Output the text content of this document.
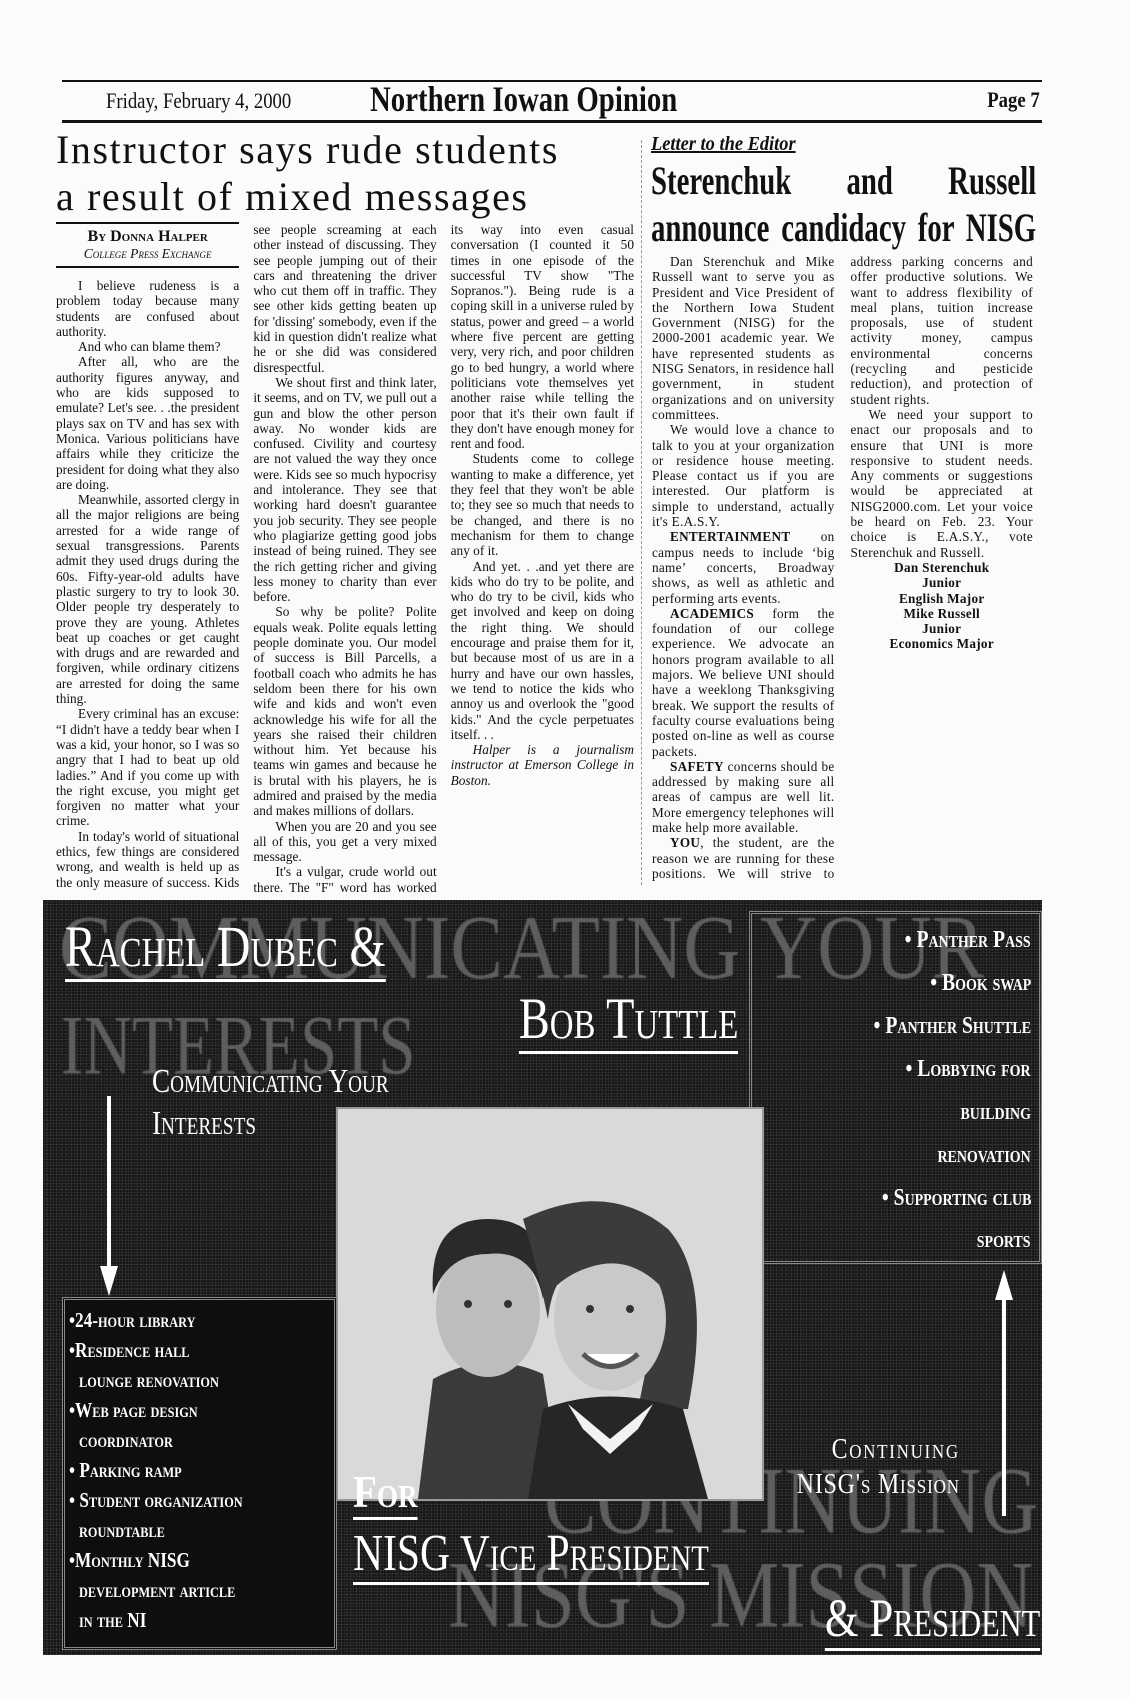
Friday, February 4, 2000 Northern Iowan Opinion	Page 7
Instructor says rude students
a result of mixed messages
By Donna Halper
College Press Exchange

I believe rudeness is a problem today because many students are confused about authority.

And who can blame them?

After all, who are the authority figures anyway, and who are kids supposed to emulate? Let's see. . .the president plays sax on TV and has sex with Monica. Various politicians have affairs while they criticize the president for doing what they also are doing.

Meanwhile, assorted clergy in all the major religions are being arrested for a wide range of sexual transgressions. Parents admit they used drugs during the 60s. Fifty-year-old adults have plastic surgery to try to look 30. Older people try desperately to prove they are young. Athletes beat up coaches or get caught with drugs and are rewarded and forgiven, while ordinary citizens are arrested for doing the same thing.

Every criminal has an excuse: “I didn't have a teddy bear when I was a kid, your honor, so I was so angry that I had to beat up old ladies.” And if you come up with the right excuse, you might get forgiven no matter what your crime.

In today's world of situational ethics, few things are considered wrong, and wealth is held up as the only measure of success. Kids see people screaming at each other instead of discussing. They see people jumping out of their cars and threatening the driver who cut them off in traffic. They see other kids getting beaten up for 'dissing' somebody, even if the kid in question didn't realize what he or she did was considered disrespectful.

We shout first and think later, it seems, and on TV, we pull out a gun and blow the other person away. No wonder kids are confused. Civility and courtesy are not valued the way they once were. Kids see so much hypocrisy and intolerance. They see that working hard doesn't guarantee you job security. They see people who plagiarize getting good jobs instead of being ruined. They see the rich getting richer and giving less money to charity than ever before.

So why be polite? Polite equals weak. Polite equals letting people dominate you. Our model of success is Bill Parcells, a football coach who admits he has seldom been there for his own wife and kids and won't even acknowledge his wife for all the years she raised their children without him. Yet because his teams win games and because he is brutal with his players, he is admired and praised by the media and makes millions of dollars.

When you are 20 and you see all of this, you get a very mixed message.

It's a vulgar, crude world out there. The "F" word has worked its way into even casual conversation (I counted it 50 times in one episode of the successful TV show "The Sopranos."). Being rude is a coping skill in a universe ruled by status, power and greed – a world where five percent are getting very, very rich, and poor children go to bed hungry, a world where politicians vote themselves yet another raise while telling the poor that it's their own fault if they don't have enough money for rent and food.

Students come to college wanting to make a difference, yet they feel that they won't be able to; they see so much that needs to be changed, and there is no mechanism for them to change any of it.

And yet. . .and yet there are kids who do try to be polite, and who do try to be civil, kids who get involved and keep on doing the right thing. We should encourage and praise them for it, but because most of us are in a hurry and have our own hassles, we tend to notice the kids who annoy us and overlook the "good kids." And the cycle perpetuates itself. . .

Halper is a journalism instructor at Emerson College in Boston.

Letter to the Editor
Sterenchuk and Russell
announce candidacy for NISG

Dan Sterenchuk and Mike Russell want to serve you as President and Vice President of the Northern Iowa Student Government (NISG) for the 2000-2001 academic year. We have represented students as NISG Senators, in residence hall government, in student organizations and on university committees.

We would love a chance to talk to you at your organization or residence house meeting. Please contact us if you are interested. Our platform is simple to understand, actually it's E.A.S.Y.

ENTERTAINMENT on campus needs to include ‘big name’ concerts, Broadway shows, as well as athletic and performing arts events.

ACADEMICS form the foundation of our college experience. We advocate an honors program available to all majors. We believe UNI should have a weeklong Thanksgiving break. We support the results of faculty course evaluations being posted on-line as well as course packets.

SAFETY concerns should be addressed by making sure all areas of campus are well lit. More emergency telephones will make help more available.

YOU, the student, are the reason we are running for these positions. We will strive to address parking concerns and offer productive solutions. We want to address flexibility of meal plans, tuition increase proposals, use of student activity money, campus environmental concerns (recycling and pesticide reduction), and protection of student rights.

We need your support to enact our proposals and to ensure that UNI is more responsive to student needs. Any comments or suggestions would be appreciated at NISG2000.com. Let your voice be heard on Feb. 23. Your choice is E.A.S.Y., vote Sterenchuk and Russell.

Dan Sterenchuk
Junior
English Major

Mike Russell
Junior
Economics Major

Rachel Dubec &
Bob Tuttle
Communicating Your
Interests
• Panther Pass
• Book swap
• Panther Shuttle
• Lobbying for
building
renovation
• Supporting club
sports
•24-hour library
•Residence hall
lounge renovation
•Web page design
coordinator
• Parking ramp
• Student organization
roundtable
•Monthly NISG
development article
in the NI
Continuing
NISG's Mission
For
NISG Vice President
& President
